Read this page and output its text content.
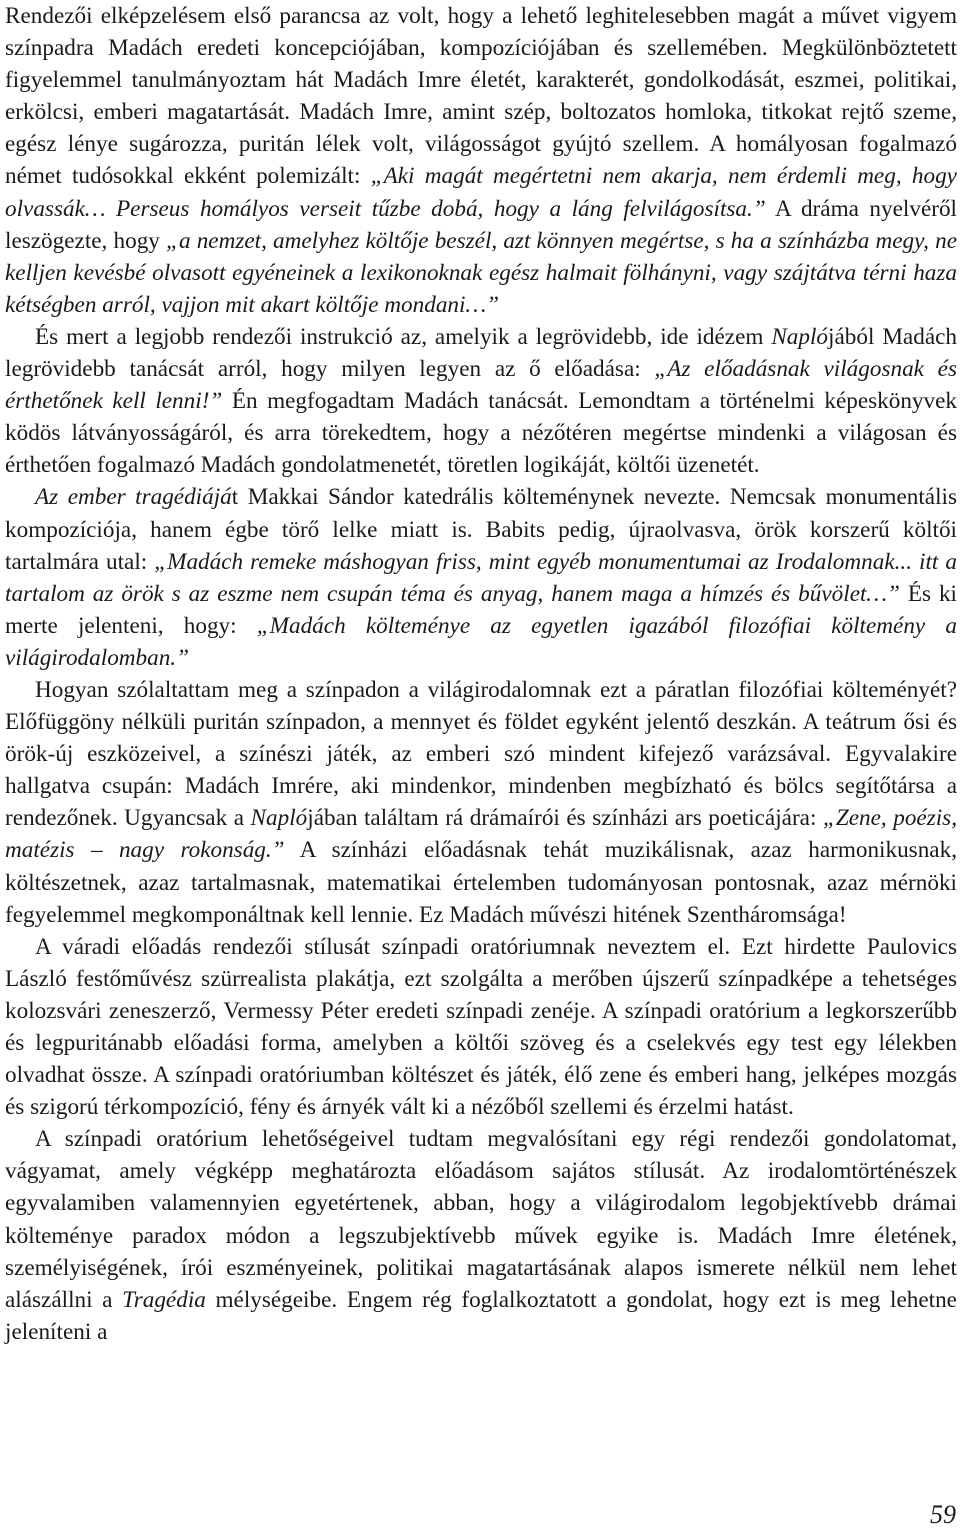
Rendezői elképzelésem első parancsa az volt, hogy a lehető leghitelesebben magát a művet vigyem színpadra Madách eredeti koncepciójában, kompozíciójában és szellemében. Megkülönböztetett figyelemmel tanulmányoztam hát Madách Imre életét, karakterét, gondolkodását, eszmei, politikai, erkölcsi, emberi magatartását. Madách Imre, amint szép, boltozatos homloka, titkokat rejtő szeme, egész lénye sugározza, puritán lélek volt, világosságot gyújtó szellem. A homályosan fogalmazó német tudósokkal ekként polemizált: „Aki magát megértetni nem akarja, nem érdemli meg, hogy olvassák… Perseus homályos verseit tűzbe dobá, hogy a láng felvilágosítsa.” A dráma nyelvéről leszögezte, hogy „a nemzet, amelyhez költője beszél, azt könnyen megértse, s ha a színházba megy, ne kelljen kevésbé olvasott egyéneinek a lexikonoknak egész halmait fölhányni, vagy szájtátva térni haza kétségben arról, vajjon mit akart költője mondani…”

És mert a legjobb rendezői instrukció az, amelyik a legrövidebb, ide idézem Naplójából Madách legrövidebb tanácsát arról, hogy milyen legyen az ő előadása: „Az előadásnak világosnak és érthetőnek kell lenni!” Én megfogadtam Madách tanácsát. Lemondtam a történelmi képeskönyvek ködös látványosságáról, és arra törekedtem, hogy a nézőtéren megértse mindenki a világosan és érthetően fogalmazó Madách gondolatmenetét, töretlen logikáját, költői üzenetét.

Az ember tragédiáját Makkai Sándor katedrális költeménynek nevezte. Nemcsak monumentális kompozíciója, hanem égbe törő lelke miatt is. Babits pedig, újraolvasva, örök korszerű költői tartalmára utal: „Madách remeke máshogyan friss, mint egyéb monumentumai az Irodalomnak... itt a tartalom az örök s az eszme nem csupán téma és anyag, hanem maga a hímzés és bűvölet…” És ki merte jelenteni, hogy: „Madách költeménye az egyetlen igazából filozófiai költemény a világirodalomban.”

Hogyan szólaltattam meg a színpadon a világirodalomnak ezt a páratlan filozófiai költeményét? Előfüggöny nélküli puritán színpadon, a mennyet és földet egyként jelentő deszkán. A teátrum ősi és örök-új eszközeivel, a színészi játék, az emberi szó mindent kifejező varázsával. Egyvalakire hallgatva csupán: Madách Imrére, aki mindenkor, mindenben megbízható és bölcs segítőtársa a rendezőnek. Ugyancsak a Naplójában találtam rá drámaírói és színházi ars poeticájára: „Zene, poézis, matézis – nagy rokonság.” A színházi előadásnak tehát muzikálisnak, azaz harmonikusnak, költészetnek, azaz tartalmasnak, matematikai értelemben tudományosan pontosnak, azaz mérnöki fegyelemmel megkomponáltnak kell lennie. Ez Madách művészi hitének Szentháromsága!

A váradi előadás rendezői stílusát színpadi oratóriumnak neveztem el. Ezt hirdette Paulovics László festőművész szürrealista plakátja, ezt szolgálta a merőben újszerű színpadképe a tehetséges kolozsvári zeneszerző, Vermessy Péter eredeti színpadi zenéje. A színpadi oratórium a legkorszerűbb és legpuritánabb előadási forma, amelyben a költői szöveg és a cselekvés egy test egy lélekben olvadhat össze. A színpadi oratóriumban költészet és játék, élő zene és emberi hang, jelképes mozgás és szigorú térkompozíció, fény és árnyék vált ki a nézőből szellemi és érzelmi hatást.

A színpadi oratórium lehetőségeivel tudtam megvalósítani egy régi rendezői gondolatomat, vágyamat, amely végképp meghatározta előadásom sajátos stílusát. Az irodalomtörténészek egyvalamiben valamennyien egyetértenek, abban, hogy a világirodalom legobjektívebb drámai költeménye paradox módon a legszubjektívebb művek egyike is. Madách Imre életének, személyiségének, írói eszményeinek, politikai magatartásának alapos ismerete nélkül nem lehet alászállni a Tragédia mélységeibe. Engem rég foglalkoztatott a gondolat, hogy ezt is meg lehetne jeleníteni a

59
